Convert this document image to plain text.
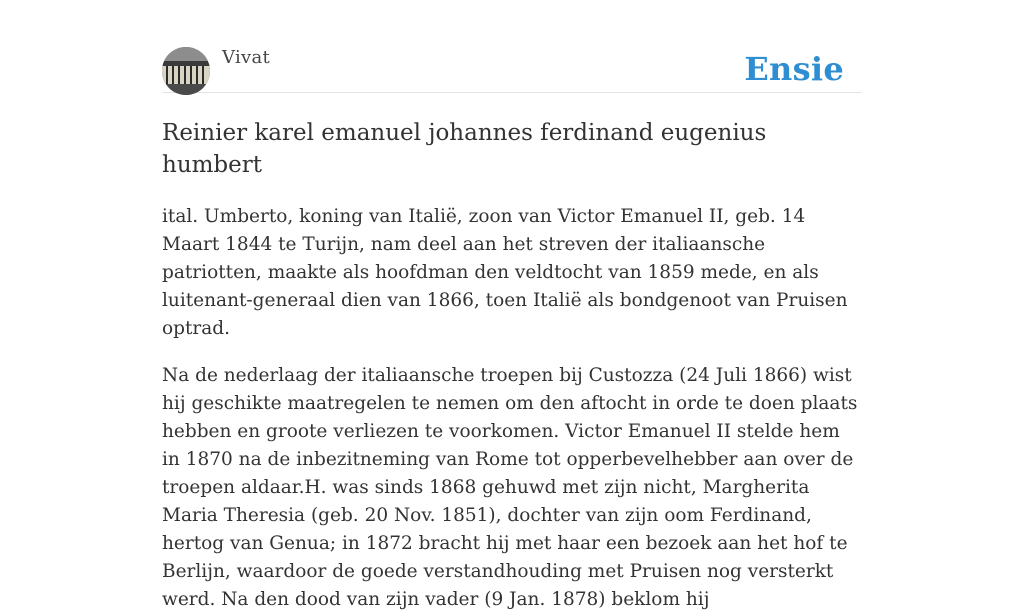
Vivat	Ensie
Reinier karel emanuel johannes ferdinand eugenius humbert

ital. Umberto, koning van Italië, zoon van Victor Emanuel II, geb. 14 Maart 1844 te Turijn, nam deel aan het streven der italiaansche patriotten, maakte als hoofdman den veldtocht van 1859 mede, en als luitenant-generaal dien van 1866, toen Italië als bondgenoot van Pruisen optrad.

Na de nederlaag der italiaansche troepen bij Custozza (24 Juli 1866) wist hij geschikte maatregelen te nemen om den aftocht in orde te doen plaats hebben en groote verliezen te voorkomen. Victor Emanuel II stelde hem in 1870 na de inbezitneming van Rome tot opperbevelhebber aan over de troepen aldaar.H. was sinds 1868 gehuwd met zijn nicht, Margherita Maria Theresia (geb. 20 Nov. 1851), dochter van zijn oom Ferdinand, hertog van Genua; in 1872 bracht hij met haar een bezoek aan het hof te Berlijn, waardoor de goede verstandhouding met Pruisen nog versterkt werd. Na den dood van zijn vader (9 Jan. 1878) beklom hij
